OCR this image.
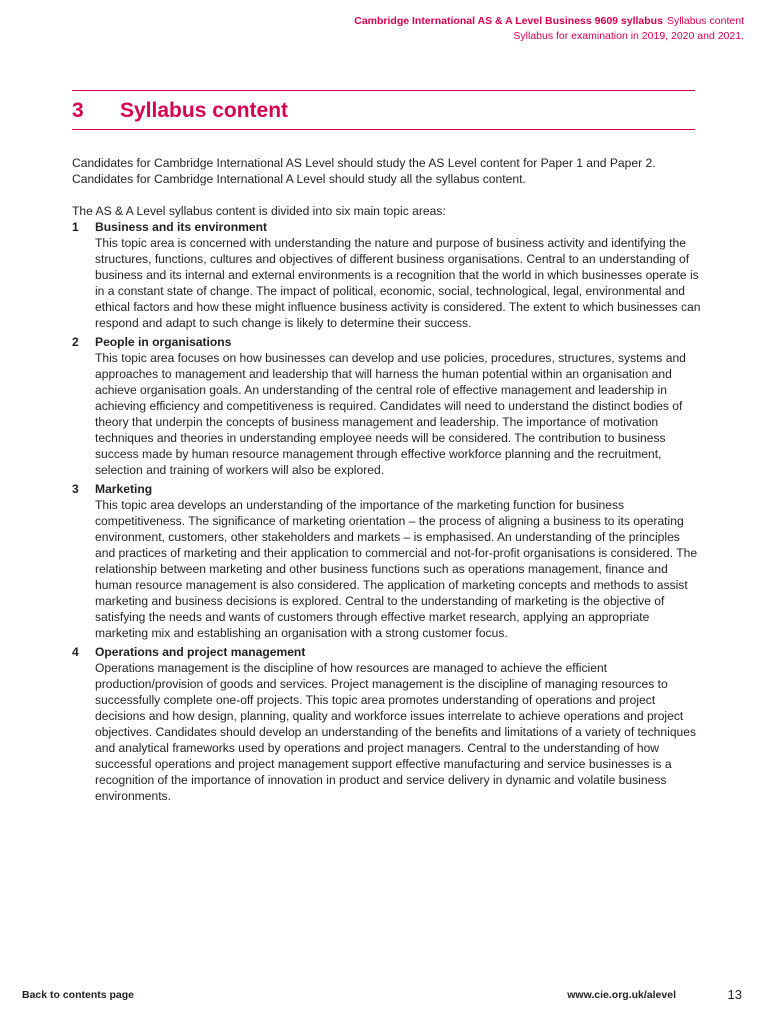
Cambridge International AS & A Level Business 9609 syllabus Syllabus content
Syllabus for examination in 2019, 2020 and 2021.
3 Syllabus content

Candidates for Cambridge International AS Level should study the AS Level content for Paper 1 and Paper 2.

Candidates for Cambridge International A Level should study all the syllabus content.

The AS & A Level syllabus content is divided into six main topic areas:

1 Business and its environment

This topic area is concerned with understanding the nature and purpose of business activity and identifying the structures, functions, cultures and objectives of different business organisations. Central to an understanding of business and its internal and external environments is a recognition that the world in which businesses operate is in a constant state of change. The impact of political, economic, social, technological, legal, environmental and ethical factors and how these might influence business activity is considered. The extent to which businesses can respond and adapt to such change is likely to determine their success.

2 People in organisations

This topic area focuses on how businesses can develop and use policies, procedures, structures, systems and approaches to management and leadership that will harness the human potential within an organisation and achieve organisation goals. An understanding of the central role of effective management and leadership in achieving efficiency and competitiveness is required. Candidates will need to understand the distinct bodies of theory that underpin the concepts of business management and leadership. The importance of motivation techniques and theories in understanding employee needs will be considered. The contribution to business success made by human resource management through effective workforce planning and the recruitment, selection and training of workers will also be explored.

3 Marketing

This topic area develops an understanding of the importance of the marketing function for business competitiveness. The significance of marketing orientation – the process of aligning a business to its operating environment, customers, other stakeholders and markets – is emphasised. An understanding of the principles and practices of marketing and their application to commercial and not-for-profit organisations is considered. The relationship between marketing and other business functions such as operations management, finance and human resource management is also considered. The application of marketing concepts and methods to assist marketing and business decisions is explored. Central to the understanding of marketing is the objective of satisfying the needs and wants of customers through effective market research, applying an appropriate marketing mix and establishing an organisation with a strong customer focus.

4 Operations and project management

Operations management is the discipline of how resources are managed to achieve the efficient production/provision of goods and services. Project management is the discipline of managing resources to successfully complete one-off projects. This topic area promotes understanding of operations and project decisions and how design, planning, quality and workforce issues interrelate to achieve operations and project objectives. Candidates should develop an understanding of the benefits and limitations of a variety of techniques and analytical frameworks used by operations and project managers. Central to the understanding of how successful operations and project management support effective manufacturing and service businesses is a recognition of the importance of innovation in product and service delivery in dynamic and volatile business environments.

Back to contents page	www.cie.org.uk/alevel	13
